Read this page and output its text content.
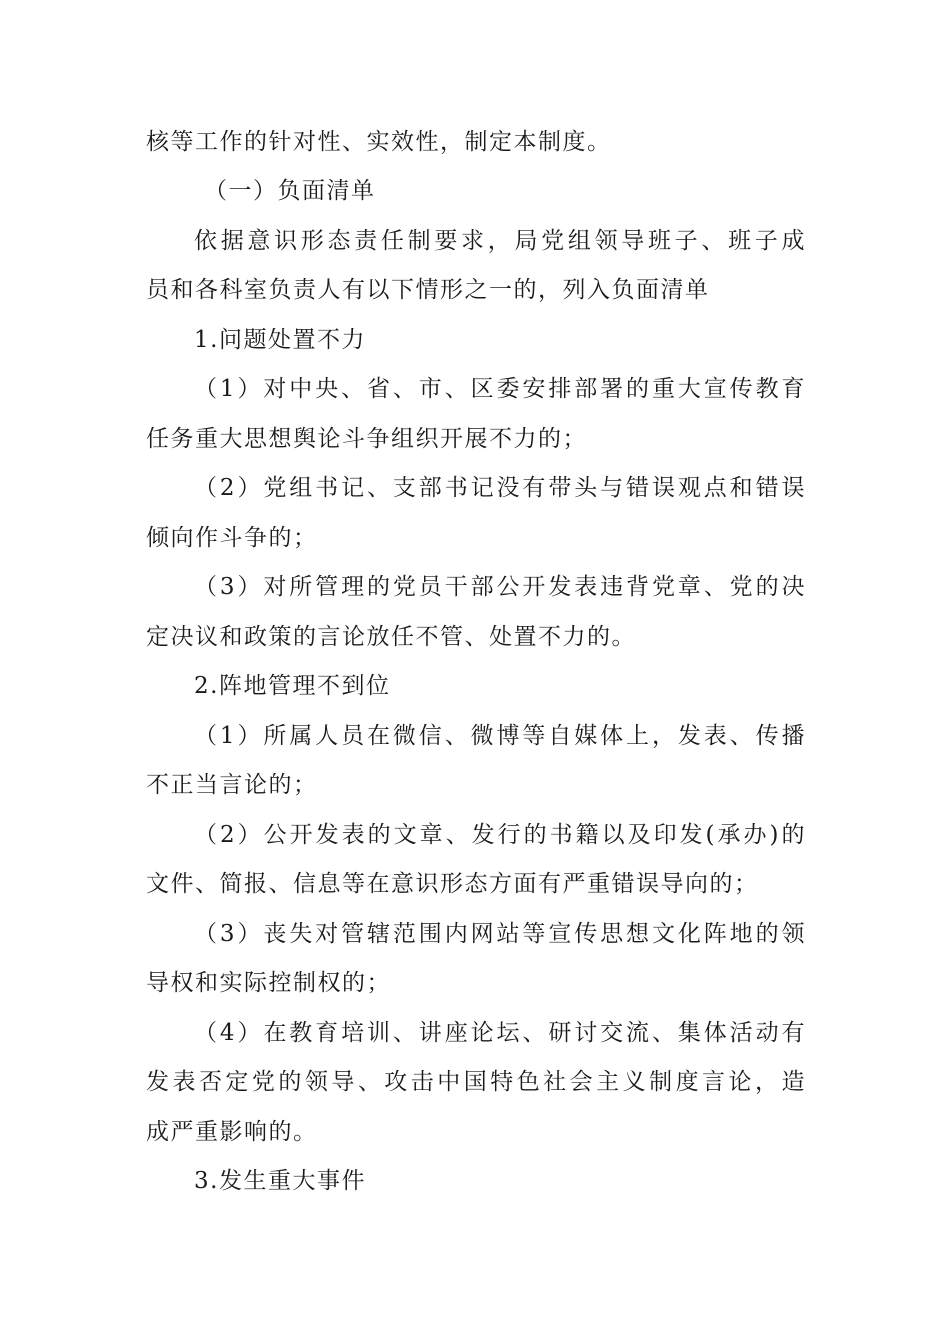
核等工作的针对性、实效性，制定本制度。
（一）负面清单
依据意识形态责任制要求，局党组领导班子、班子成
员和各科室负责人有以下情形之一的，列入负面清单
1.问题处置不力
（1）对中央、省、市、区委安排部署的重大宣传教育
任务重大思想舆论斗争组织开展不力的；
（2）党组书记、支部书记没有带头与错误观点和错误
倾向作斗争的；
（3）对所管理的党员干部公开发表违背党章、党的决
定决议和政策的言论放任不管、处置不力的。
2.阵地管理不到位
（1）所属人员在微信、微博等自媒体上，发表、传播
不正当言论的；
（2）公开发表的文章、发行的书籍以及印发(承办)的
文件、简报、信息等在意识形态方面有严重错误导向的；
（3）丧失对管辖范围内网站等宣传思想文化阵地的领
导权和实际控制权的；
（4）在教育培训、讲座论坛、研讨交流、集体活动有
发表否定党的领导、攻击中国特色社会主义制度言论，造
成严重影响的。
3.发生重大事件
